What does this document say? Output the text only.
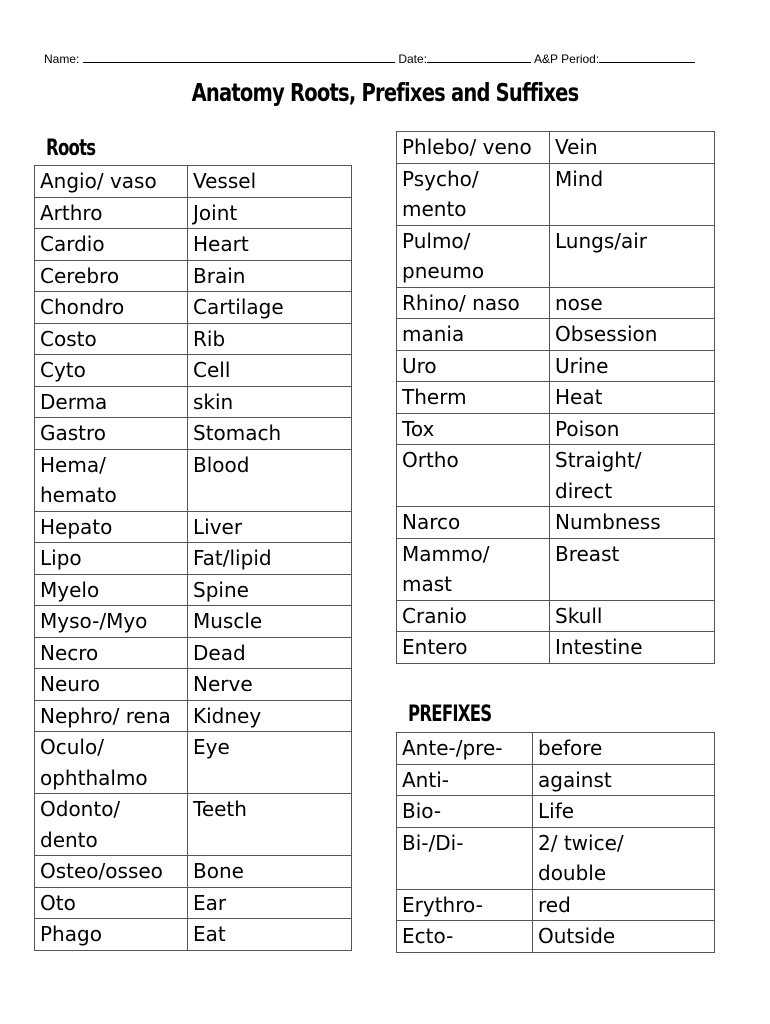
Name:	Date:	A&P Period:
Anatomy Roots, Prefixes and Suffixes
Roots
Angio/ vaso	Vessel
Arthro	Joint
Cardio	Heart
Cerebro	Brain
Chondro	Cartilage
Costo	Rib
Cyto	Cell
Derma	skin
Gastro	Stomach
Hema/
hemato	Blood
Hepato	Liver
Lipo	Fat/lipid
Myelo	Spine
Myso-/Myo	Muscle
Necro	Dead
Neuro	Nerve
Nephro/ rena	Kidney
Oculo/
ophthalmo	Eye
Odonto/
dento	Teeth
Osteo/osseo	Bone
Oto	Ear
Phago	Eat
Phlebo/ veno	Vein
Psycho/
mento	Mind
Pulmo/
pneumo	Lungs/air
Rhino/ naso	nose
mania	Obsession
Uro	Urine
Therm	Heat
Tox	Poison
Ortho	Straight/
direct
Narco	Numbness
Mammo/
mast	Breast
Cranio	Skull
Entero	Intestine
PREFIXES
Ante-/pre-	before
Anti-	against
Bio-	Life
Bi-/Di-	2/ twice/
double
Erythro-	red
Ecto-	Outside
